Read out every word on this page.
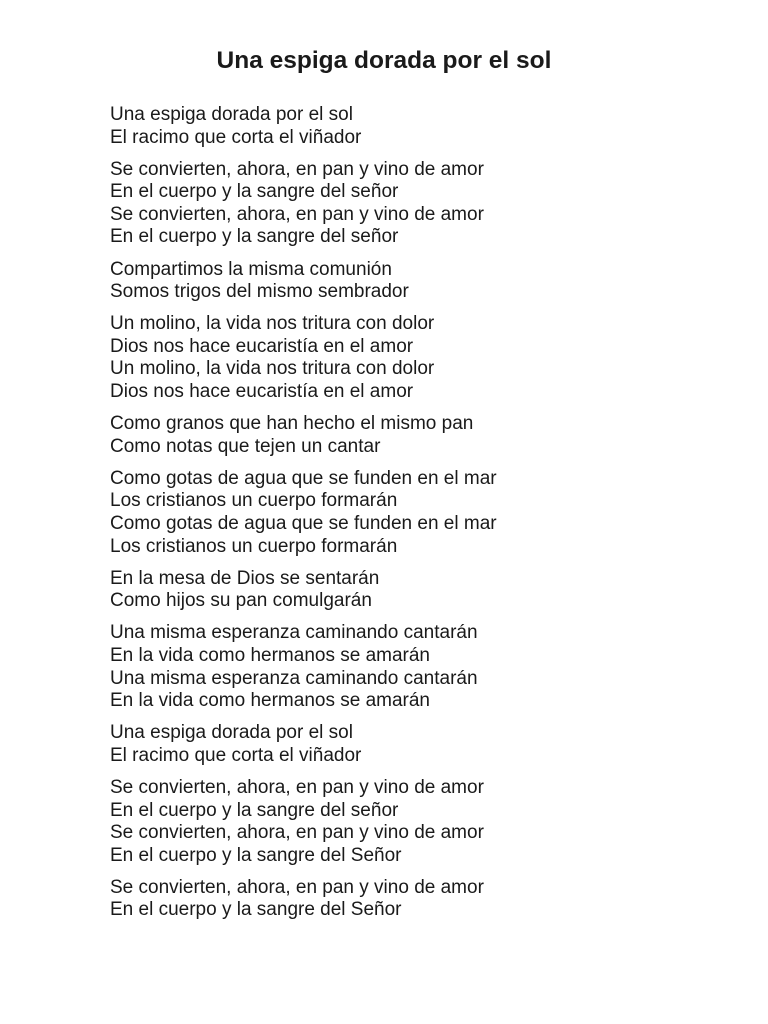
Una espiga dorada por el sol
Una espiga dorada por el sol
El racimo que corta el viñador
Se convierten, ahora, en pan y vino de amor
En el cuerpo y la sangre del señor
Se convierten, ahora, en pan y vino de amor
En el cuerpo y la sangre del señor
Compartimos la misma comunión
Somos trigos del mismo sembrador
Un molino, la vida nos tritura con dolor
Dios nos hace eucaristía en el amor
Un molino, la vida nos tritura con dolor
Dios nos hace eucaristía en el amor
Como granos que han hecho el mismo pan
Como notas que tejen un cantar
Como gotas de agua que se funden en el mar
Los cristianos un cuerpo formarán
Como gotas de agua que se funden en el mar
Los cristianos un cuerpo formarán
En la mesa de Dios se sentarán
Como hijos su pan comulgarán
Una misma esperanza caminando cantarán
En la vida como hermanos se amarán
Una misma esperanza caminando cantarán
En la vida como hermanos se amarán
Una espiga dorada por el sol
El racimo que corta el viñador
Se convierten, ahora, en pan y vino de amor
En el cuerpo y la sangre del señor
Se convierten, ahora, en pan y vino de amor
En el cuerpo y la sangre del Señor
Se convierten, ahora, en pan y vino de amor
En el cuerpo y la sangre del Señor
